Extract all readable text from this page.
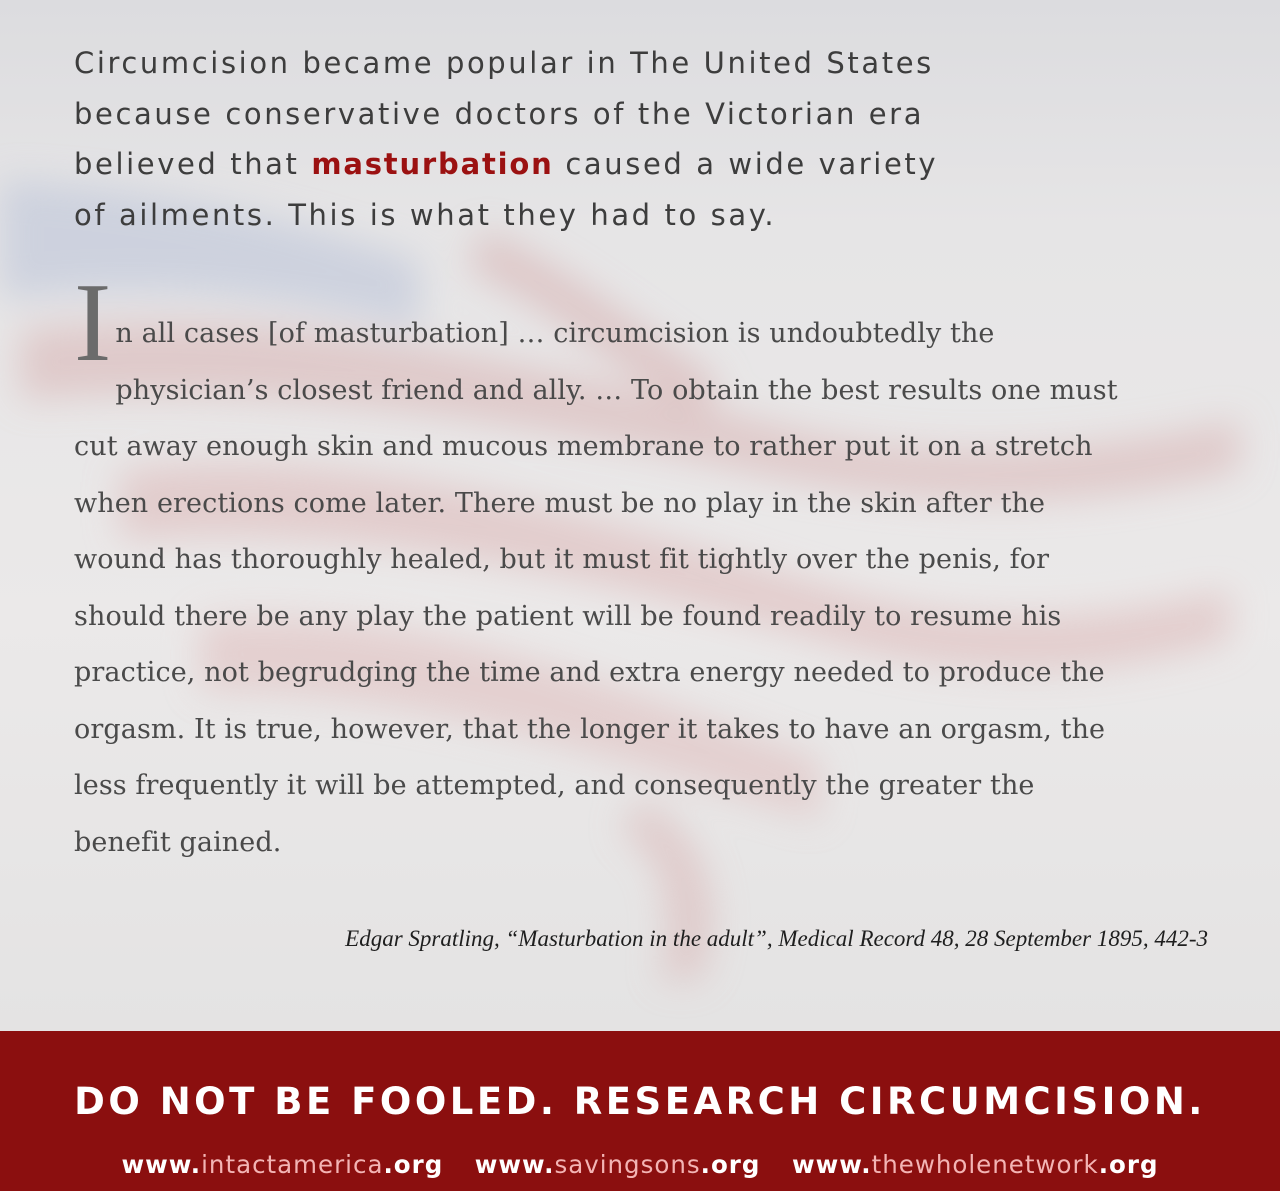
Circumcision became popular in The United States
because conservative doctors of the Victorian era
believed that masturbation caused a wide variety
of ailments. This is what they had to say.

I n all cases [of masturbation] … circumcision is undoubtedly the
physician’s closest friend and ally. … To obtain the best results one must
cut away enough skin and mucous membrane to rather put it on a stretch
when erections come later. There must be no play in the skin after the
wound has thoroughly healed, but it must fit tightly over the penis, for
should there be any play the patient will be found readily to resume his
practice, not begrudging the time and extra energy needed to produce the
orgasm. It is true, however, that the longer it takes to have an orgasm, the
less frequently it will be attempted, and consequently the greater the
benefit gained.

Edgar Spratling, “Masturbation in the adult”, Medical Record 48, 28 September 1895, 442-3

DO NOT BE FOOLED. RESEARCH CIRCUMCISION.

www.intactamerica.org www.savingsons.org www.thewholenetwork.org
